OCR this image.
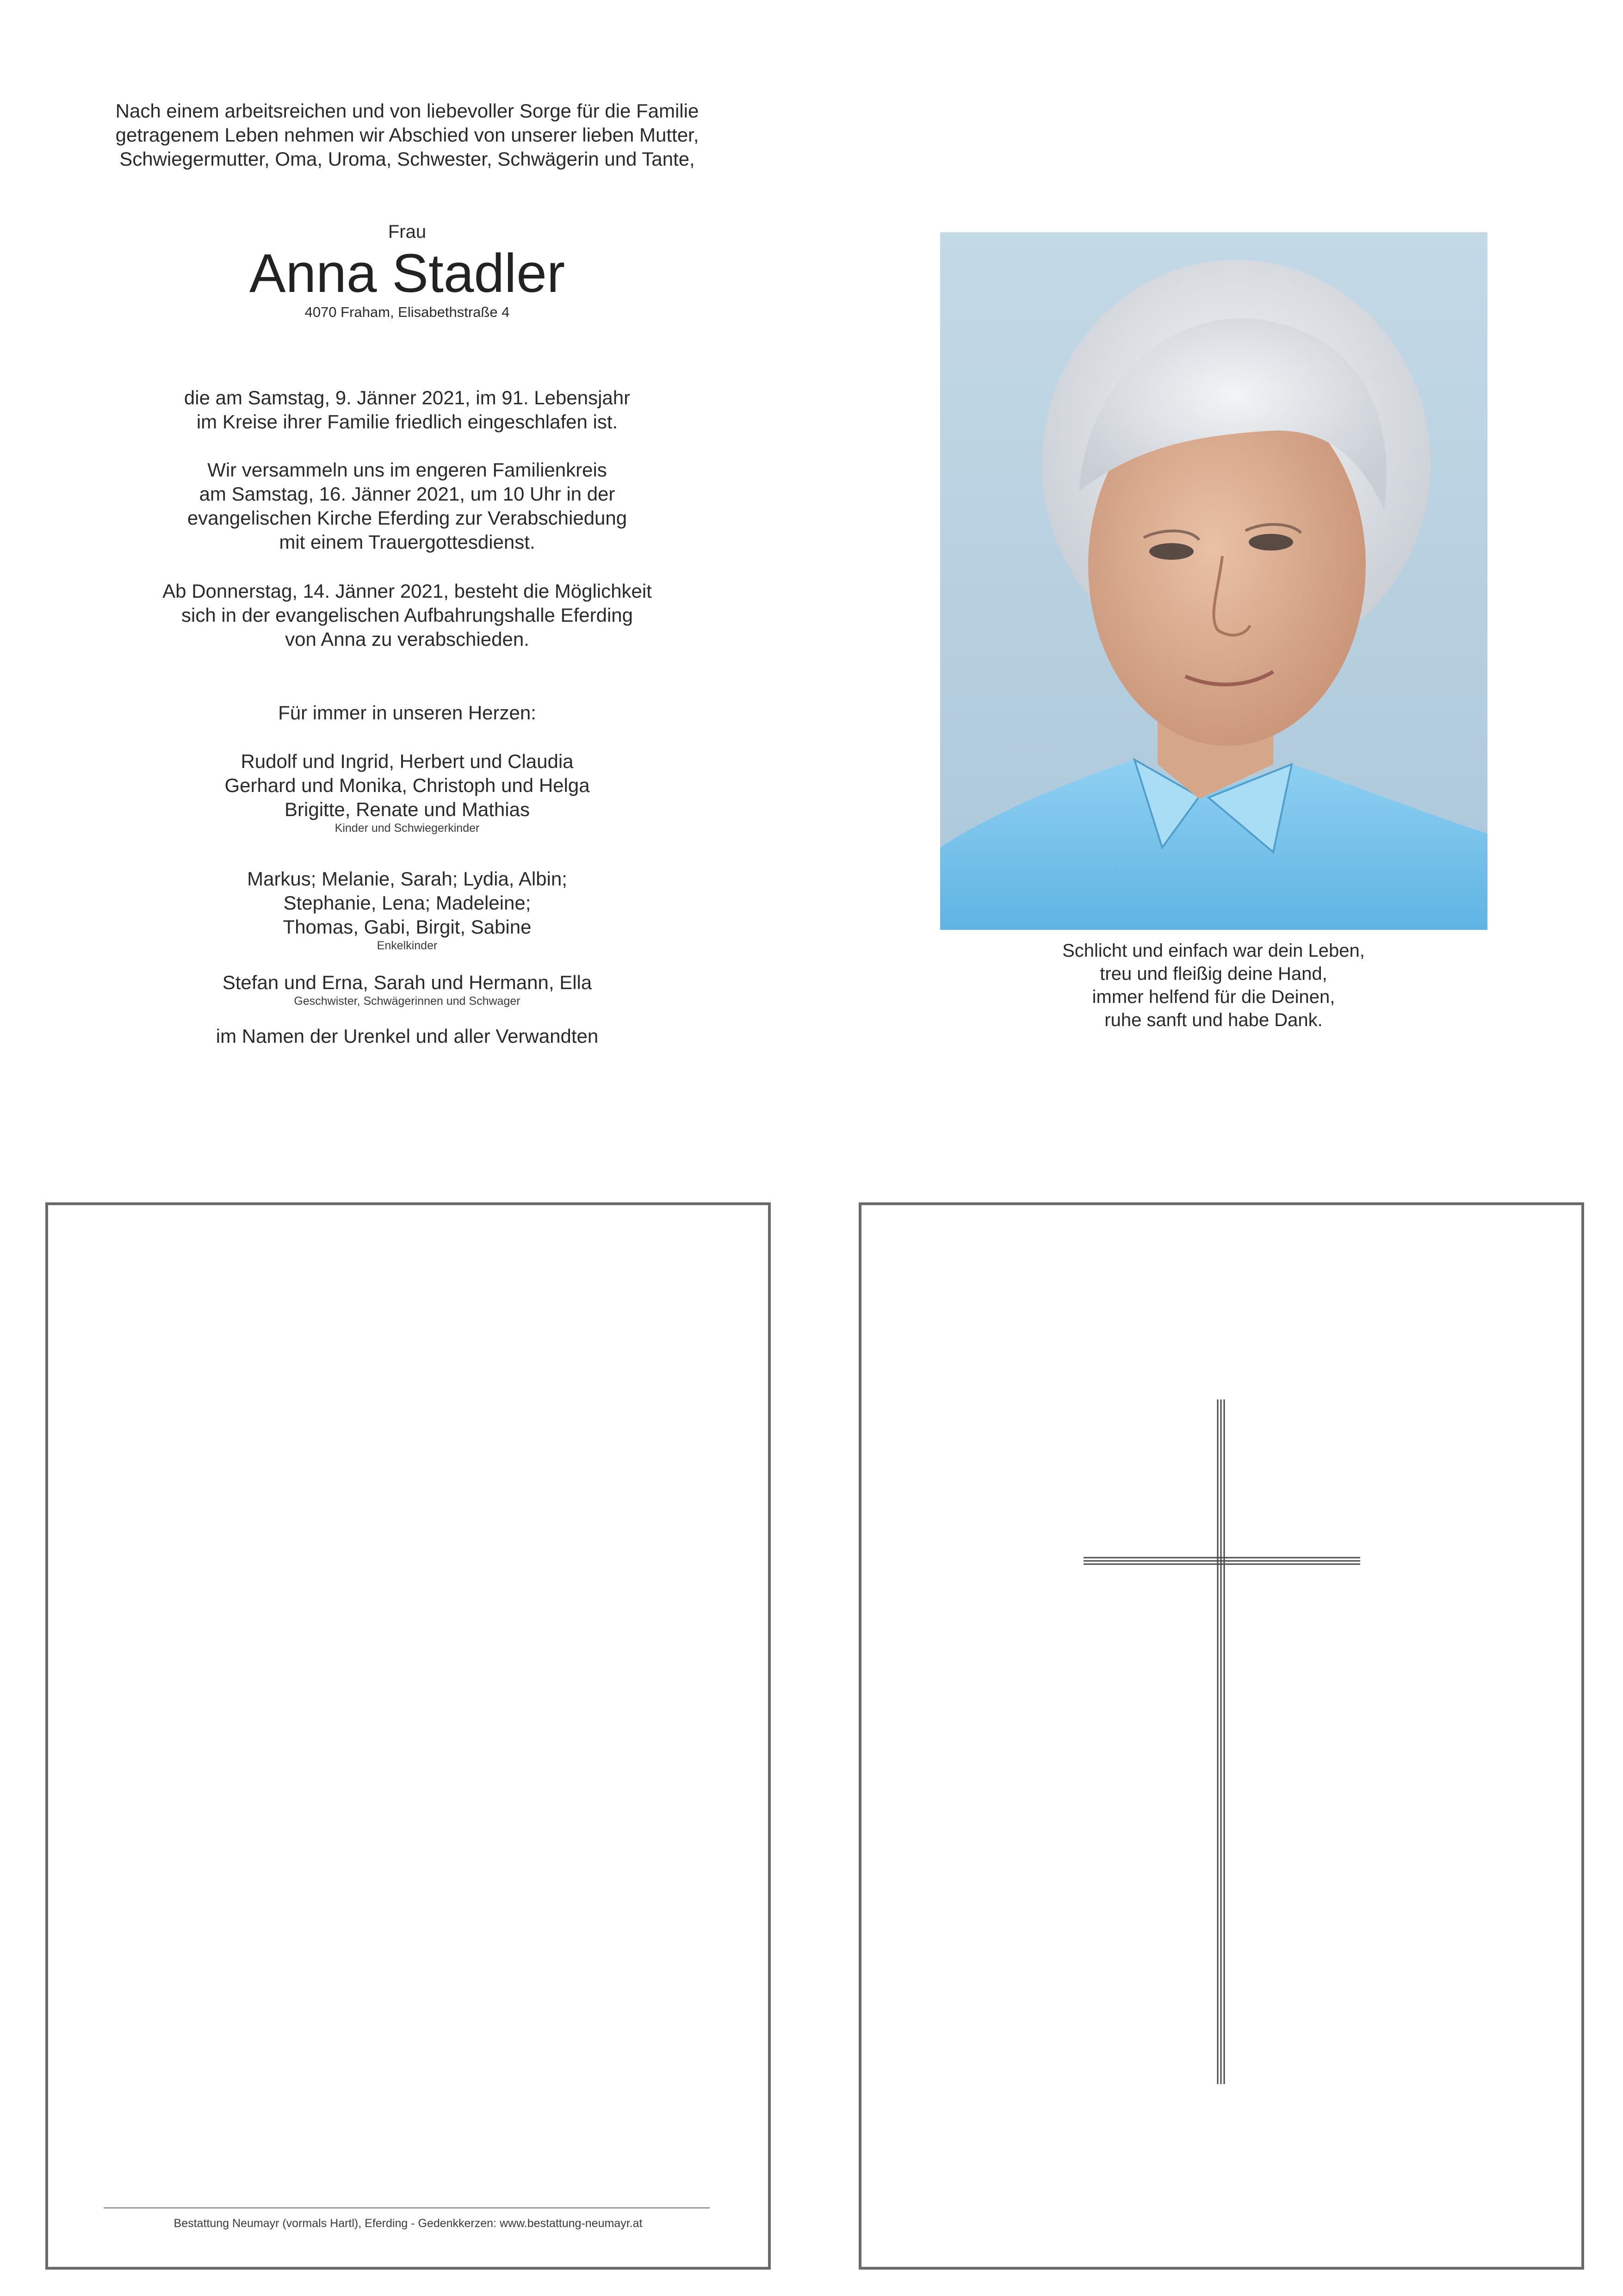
Nach einem arbeitsreichen und von liebevoller Sorge für die Familie
getragenem Leben nehmen wir Abschied von unserer lieben Mutter,
Schwiegermutter, Oma, Uroma, Schwester, Schwägerin und Tante,
Frau
Anna Stadler
4070 Fraham, Elisabethstraße 4
die am Samstag, 9. Jänner 2021, im 91. Lebensjahr
im Kreise ihrer Familie friedlich eingeschlafen ist.
Wir versammeln uns im engeren Familienkreis
am Samstag, 16. Jänner 2021, um 10 Uhr in der
evangelischen Kirche Eferding zur Verabschiedung
mit einem Trauergottesdienst.
Ab Donnerstag, 14. Jänner 2021, besteht die Möglichkeit
sich in der evangelischen Aufbahrungshalle Eferding
von Anna zu verabschieden.
Für immer in unseren Herzen:
Rudolf und Ingrid, Herbert und Claudia
Gerhard und Monika, Christoph und Helga
Brigitte, Renate und Mathias
Kinder und Schwiegerkinder
Markus; Melanie, Sarah; Lydia, Albin;
Stephanie, Lena; Madeleine;
Thomas, Gabi, Birgit, Sabine
Enkelkinder
Stefan und Erna, Sarah und Hermann, Ella
Geschwister, Schwägerinnen und Schwager
im Namen der Urenkel und aller Verwandten
Schlicht und einfach war dein Leben,
treu und fleißig deine Hand,
immer helfend für die Deinen,
ruhe sanft und habe Dank.
Bestattung Neumayr (vormals Hartl), Eferding - Gedenkkerzen: www.bestattung-neumayr.at
